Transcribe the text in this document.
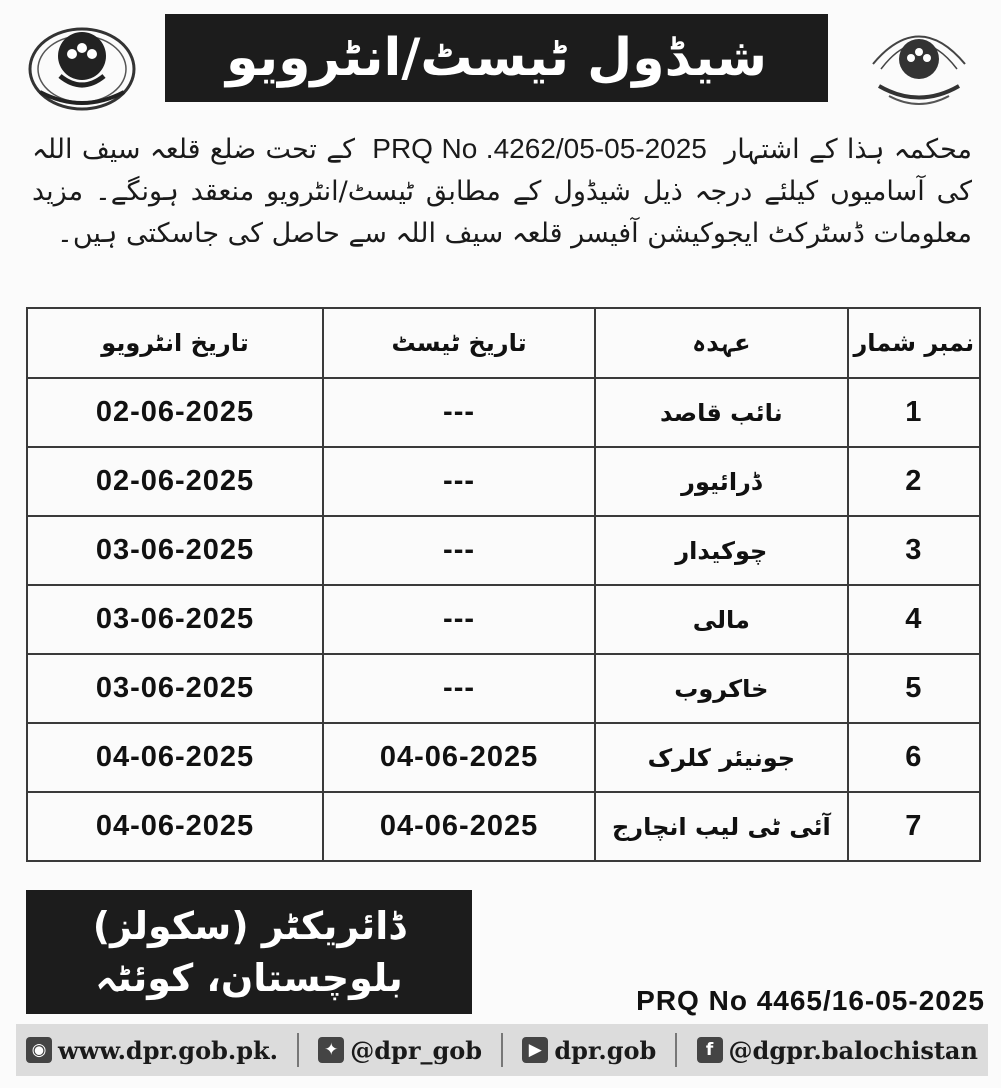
شیڈول ٹیسٹ/انٹرویو
محکمہ ہذا کے اشتہار PRQ No .4262/05-05-2025 کے تحت ضلع قلعہ سیف اللہ کی آسامیوں کیلئے درجہ ذیل شیڈول کے مطابق ٹیسٹ/انٹرویو منعقد ہونگے۔ مزید معلومات ڈسٹرکٹ ایجوکیشن آفیسر قلعہ سیف اللہ سے حاصل کی جاسکتی ہیں۔
تاریخ انٹرویو	تاریخ ٹیسٹ	عہدہ	نمبر شمار
02-06-2025	---	نائب قاصد	1
02-06-2025	---	ڈرائیور	2
03-06-2025	---	چوکیدار	3
03-06-2025	---	مالی	4
03-06-2025	---	خاکروب	5
04-06-2025	04-06-2025	جونیئر کلرک	6
04-06-2025	04-06-2025	آئی ٹی لیب انچارج	7
ڈائریکٹر (سکولز)
بلوچستان، کوئٹہ
PRQ No 4465/16-05-2025
◉ www.dpr.gob.pk.	✦ @dpr_gob	▶ dpr.gob	f @dgpr.balochistan
